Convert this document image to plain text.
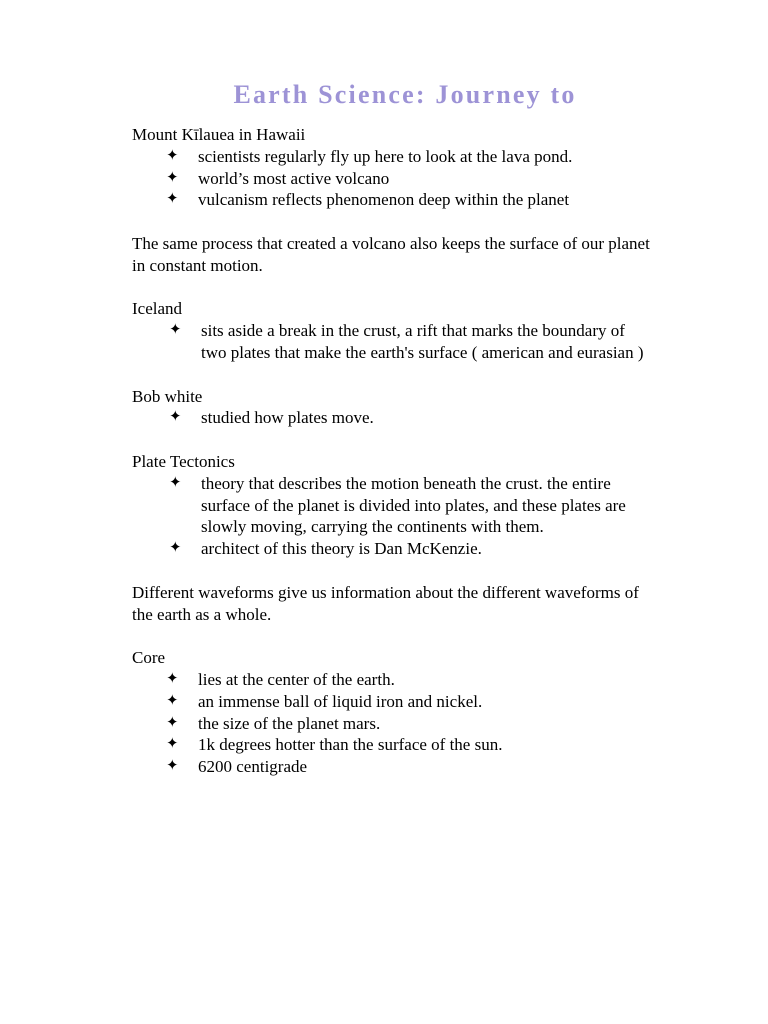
Earth Science: Journey to

Mount Kīlauea in Hawaii

✦ scientists regularly fly up here to look at the lava pond.
✦ world’s most active volcano
✦ vulcanism reflects phenomenon deep within the planet

The same process that created a volcano also keeps the surface of our planet in constant motion.

Iceland

✦ sits aside a break in the crust, a rift that marks the boundary of two plates that make the earth's surface ( american and eurasian )

Bob white

✦ studied how plates move.

Plate Tectonics

✦ theory that describes the motion beneath the crust. the entire surface of the planet is divided into plates, and these plates are slowly moving, carrying the continents with them.
✦ architect of this theory is Dan McKenzie.

Different waveforms give us information about the different waveforms of the earth as a whole.

Core

✦ lies at the center of the earth.
✦ an immense ball of liquid iron and nickel.
✦ the size of the planet mars.
✦ 1k degrees hotter than the surface of the sun.
✦ 6200 centigrade
